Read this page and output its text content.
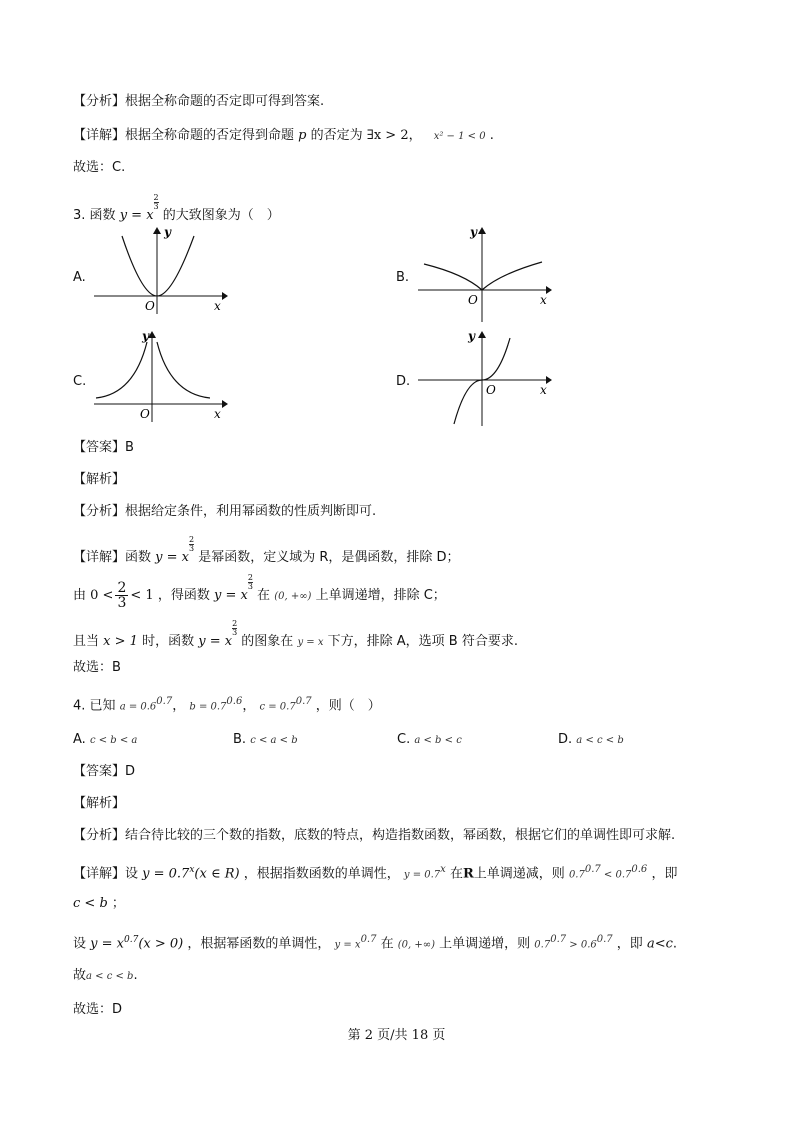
【分析】根据全称命题的否定即可得到答案.
【详解】根据全称命题的否定得到命题 p 的否定为 ∃x > 2， x² − 1 < 0 .
故选：C.
3. 函数 y = x
$\frac{2}{3}$ 的大致图象为（　）
A.	B.
C.	D.
y
x
O
y
x
O
y
x
O
y
x
O
【答案】B
【解析】
【分析】根据给定条件，利用幂函数的性质判断即可.
【详解】函数 y = x
$\frac{2}{3}$ 是幂函数，定义域为 R，是偶函数，排除 D；
由 $0 < \frac{2}{3} < 1$ ，得函数 y = x
$\frac{2}{3}$ 在 (0, +∞) 上单调递增，排除 C；
且当 x > 1 时，函数 y = x
$\frac{2}{3}$ 的图象在 y = x 下方，排除 A，选项 B 符合要求.
故选：B
4. 已知 $a = 0.6^{0.7}$， $b = 0.7^{0.6}$， $c = 0.7^{0.7}$ ，则（　）
A. c < b < a	B. c < a < b	C. a < b < c	D. a < c < b
【答案】D
【解析】
【分析】结合待比较的三个数的指数，底数的特点，构造指数函数，幂函数，根据它们的单调性即可求解.
【详解】设 $y = 0.7^x(x$ ∈ R) ，根据指数函数的单调性， $y = 0.7^x$ 在R上单调递减，则 $0.7^{0.7} < 0.7^{0.6}$ ，即
c < b ；
设 $y = x^{0.7}(x > 0)$ ，根据幂函数的单调性， $y = x^{0.7}$ 在 (0, +∞) 上单调递增，则 $0.7^{0.7} > 0.6^{0.7}$ ，即 a<c.
故a < c < b.
故选：D
第 2 页/共 18 页
